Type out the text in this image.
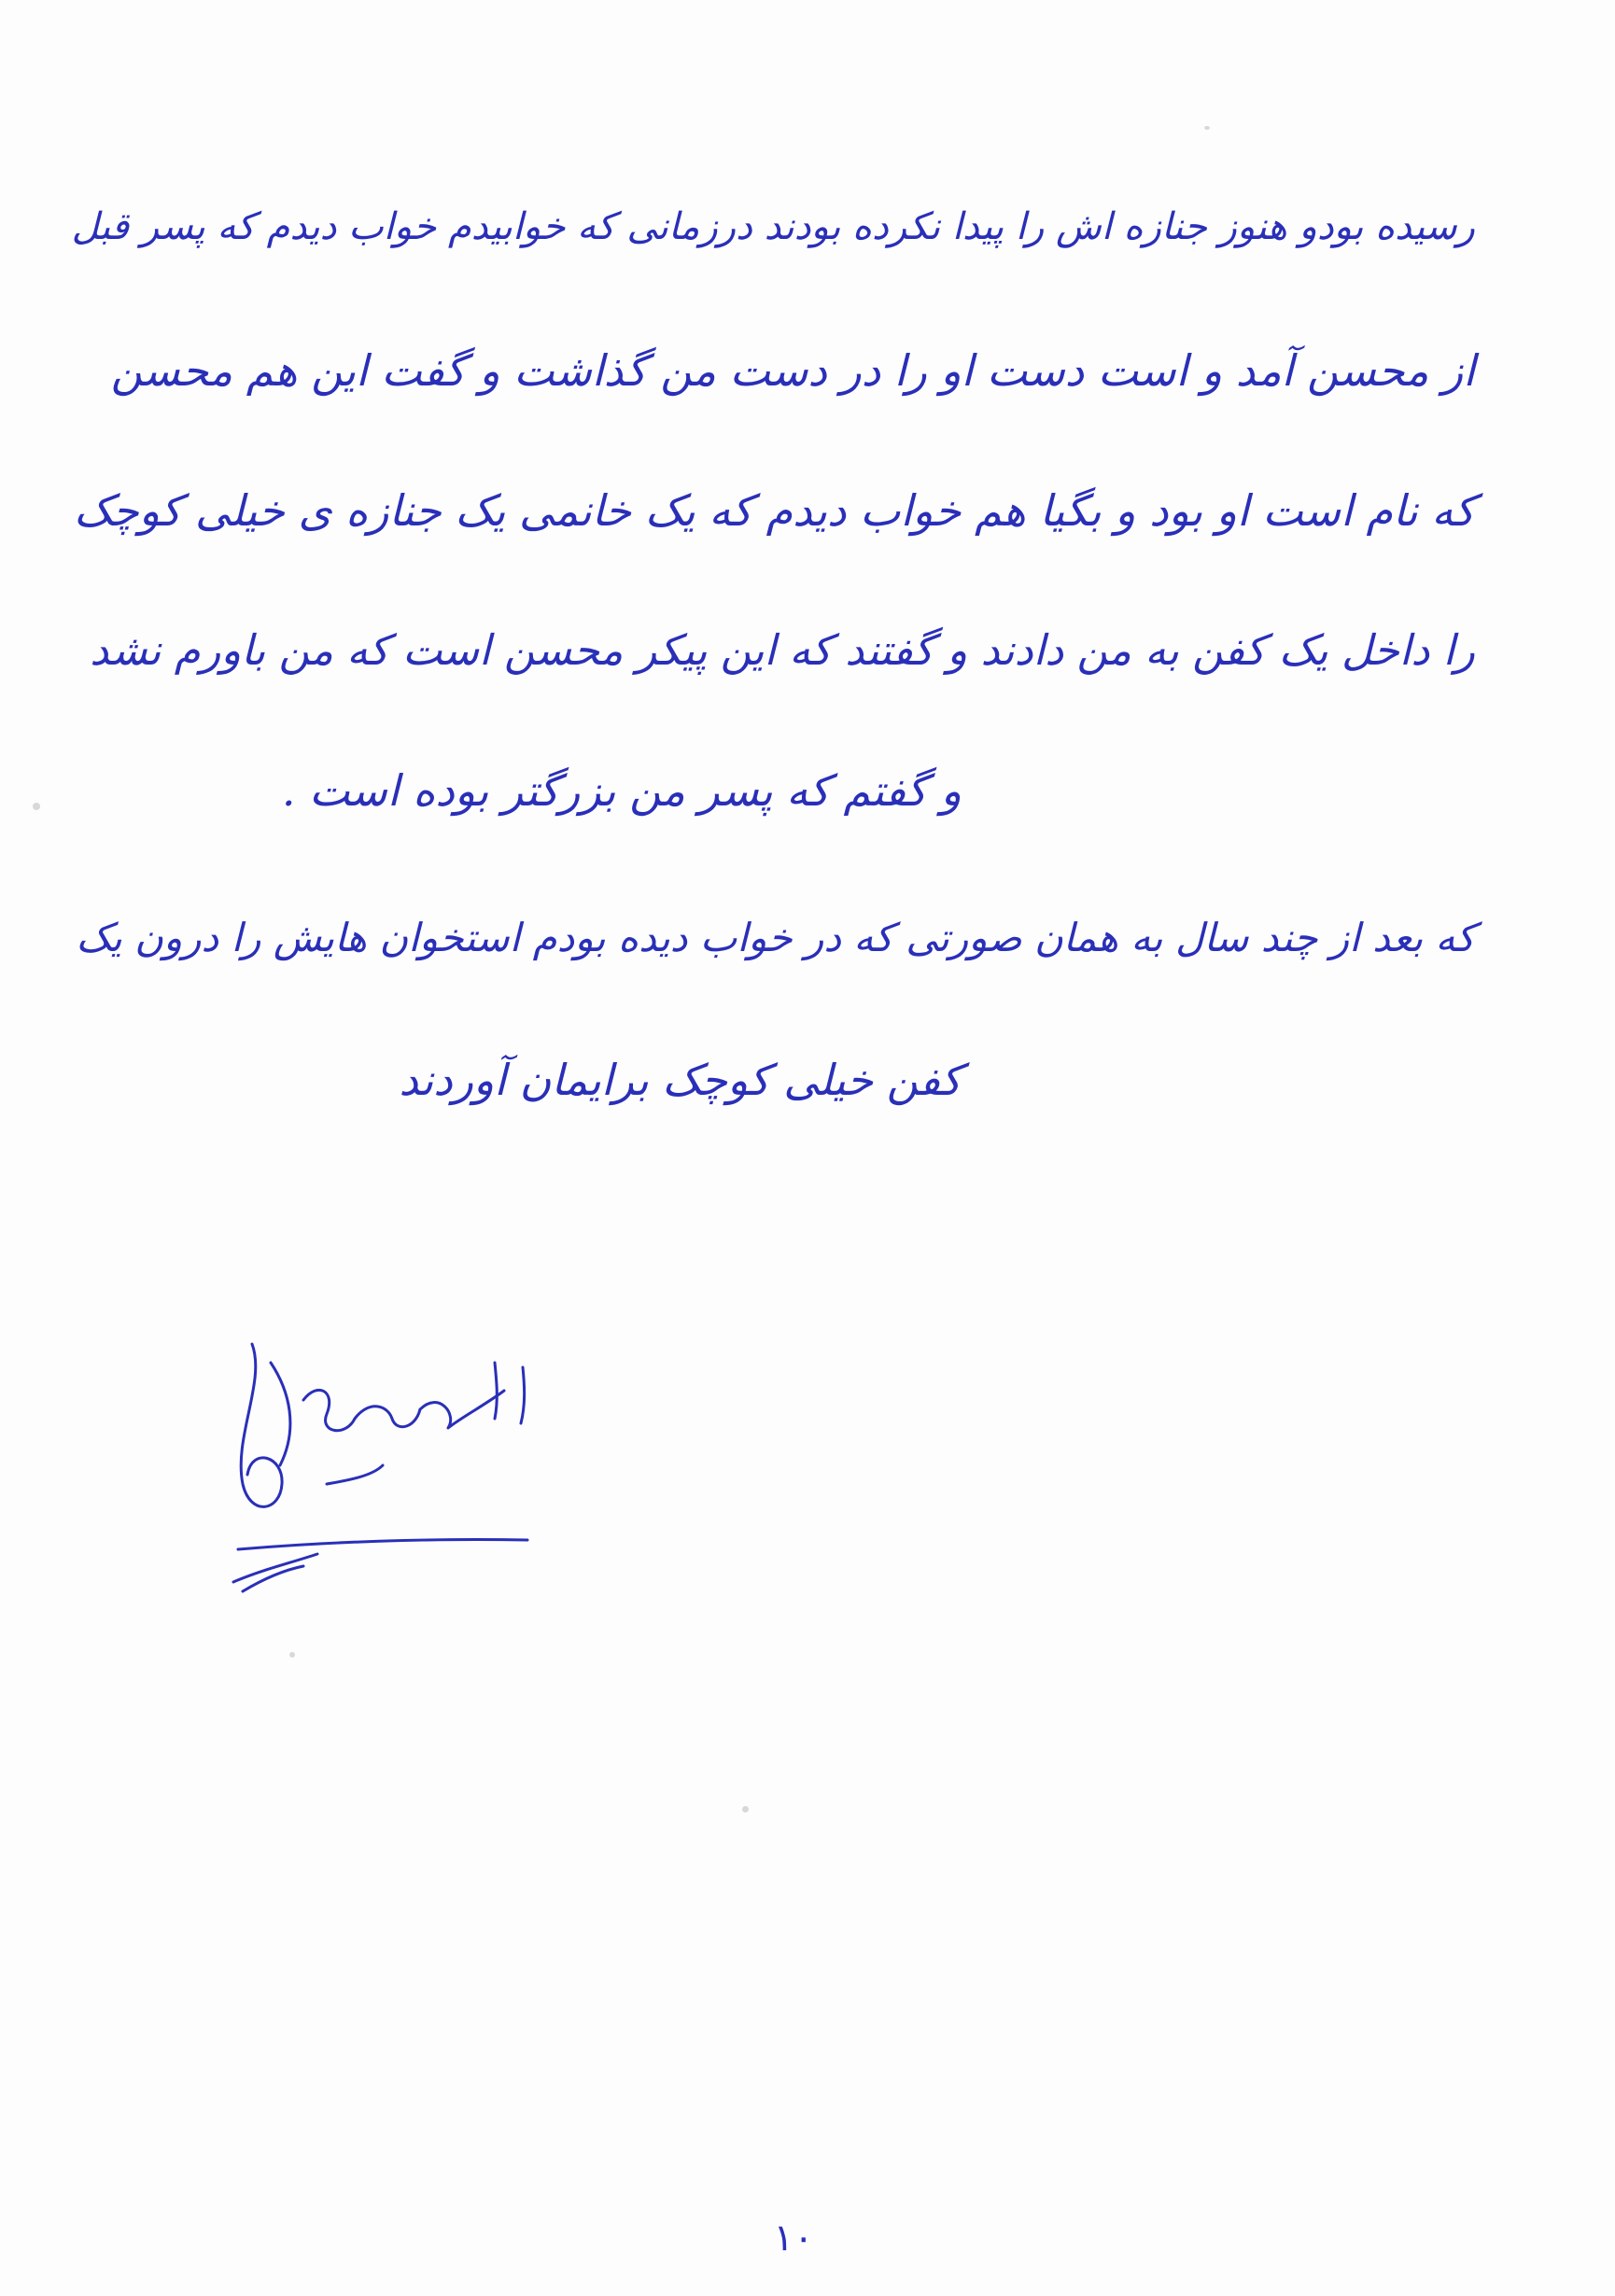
رسیده بودو هنوز جنازه اش را پیدا نکرده بودند درزمانی که خوابیدم خواب دیدم که پسر قبل
از محسن آمد و است دست او را در دست من گذاشت و گفت این هم محسن
که نام است او بود و بگیا هم خواب دیدم که یک خانمی یک جنازه ی خیلی کوچک
را داخل یک کفن به من دادند و گفتند که این پیکر محسن است که من باورم نشد
و گفتم که پسر من بزرگتر بوده است .
که بعد از چند سال به همان صورتی که در خواب دیده بودم استخوان هایش را درون یک
کفن خیلی کوچک برایمان آوردند
۱۰
